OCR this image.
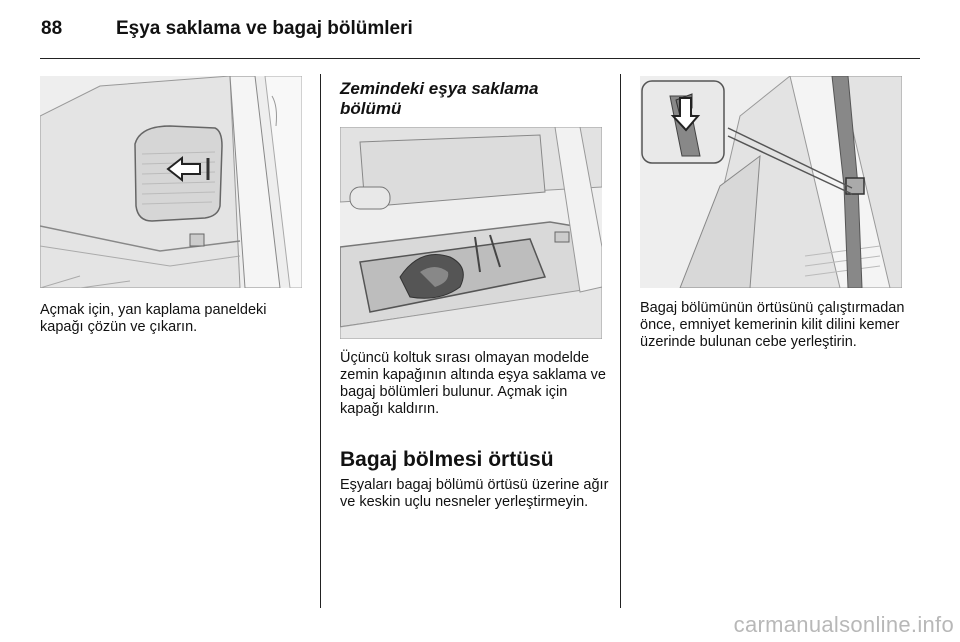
88	Eşya saklama ve bagaj bölümleri

Açmak için, yan kaplama paneldeki kapağı çözün ve çıkarın.

Zemindeki eşya saklama bölümü

Üçüncü koltuk sırası olmayan modelde zemin kapağının altında eşya saklama ve bagaj bölümleri bulunur. Açmak için kapağı kaldırın.

Bagaj bölmesi örtüsü

Eşyaları bagaj bölümü örtüsü üzerine ağır ve keskin uçlu nesneler yerleştirmeyin.

Bagaj bölümünün örtüsünü çalıştırmadan önce, emniyet kemerinin kilit dilini kemer üzerinde bulunan cebe yerleştirin.

carmanualsonline.info
